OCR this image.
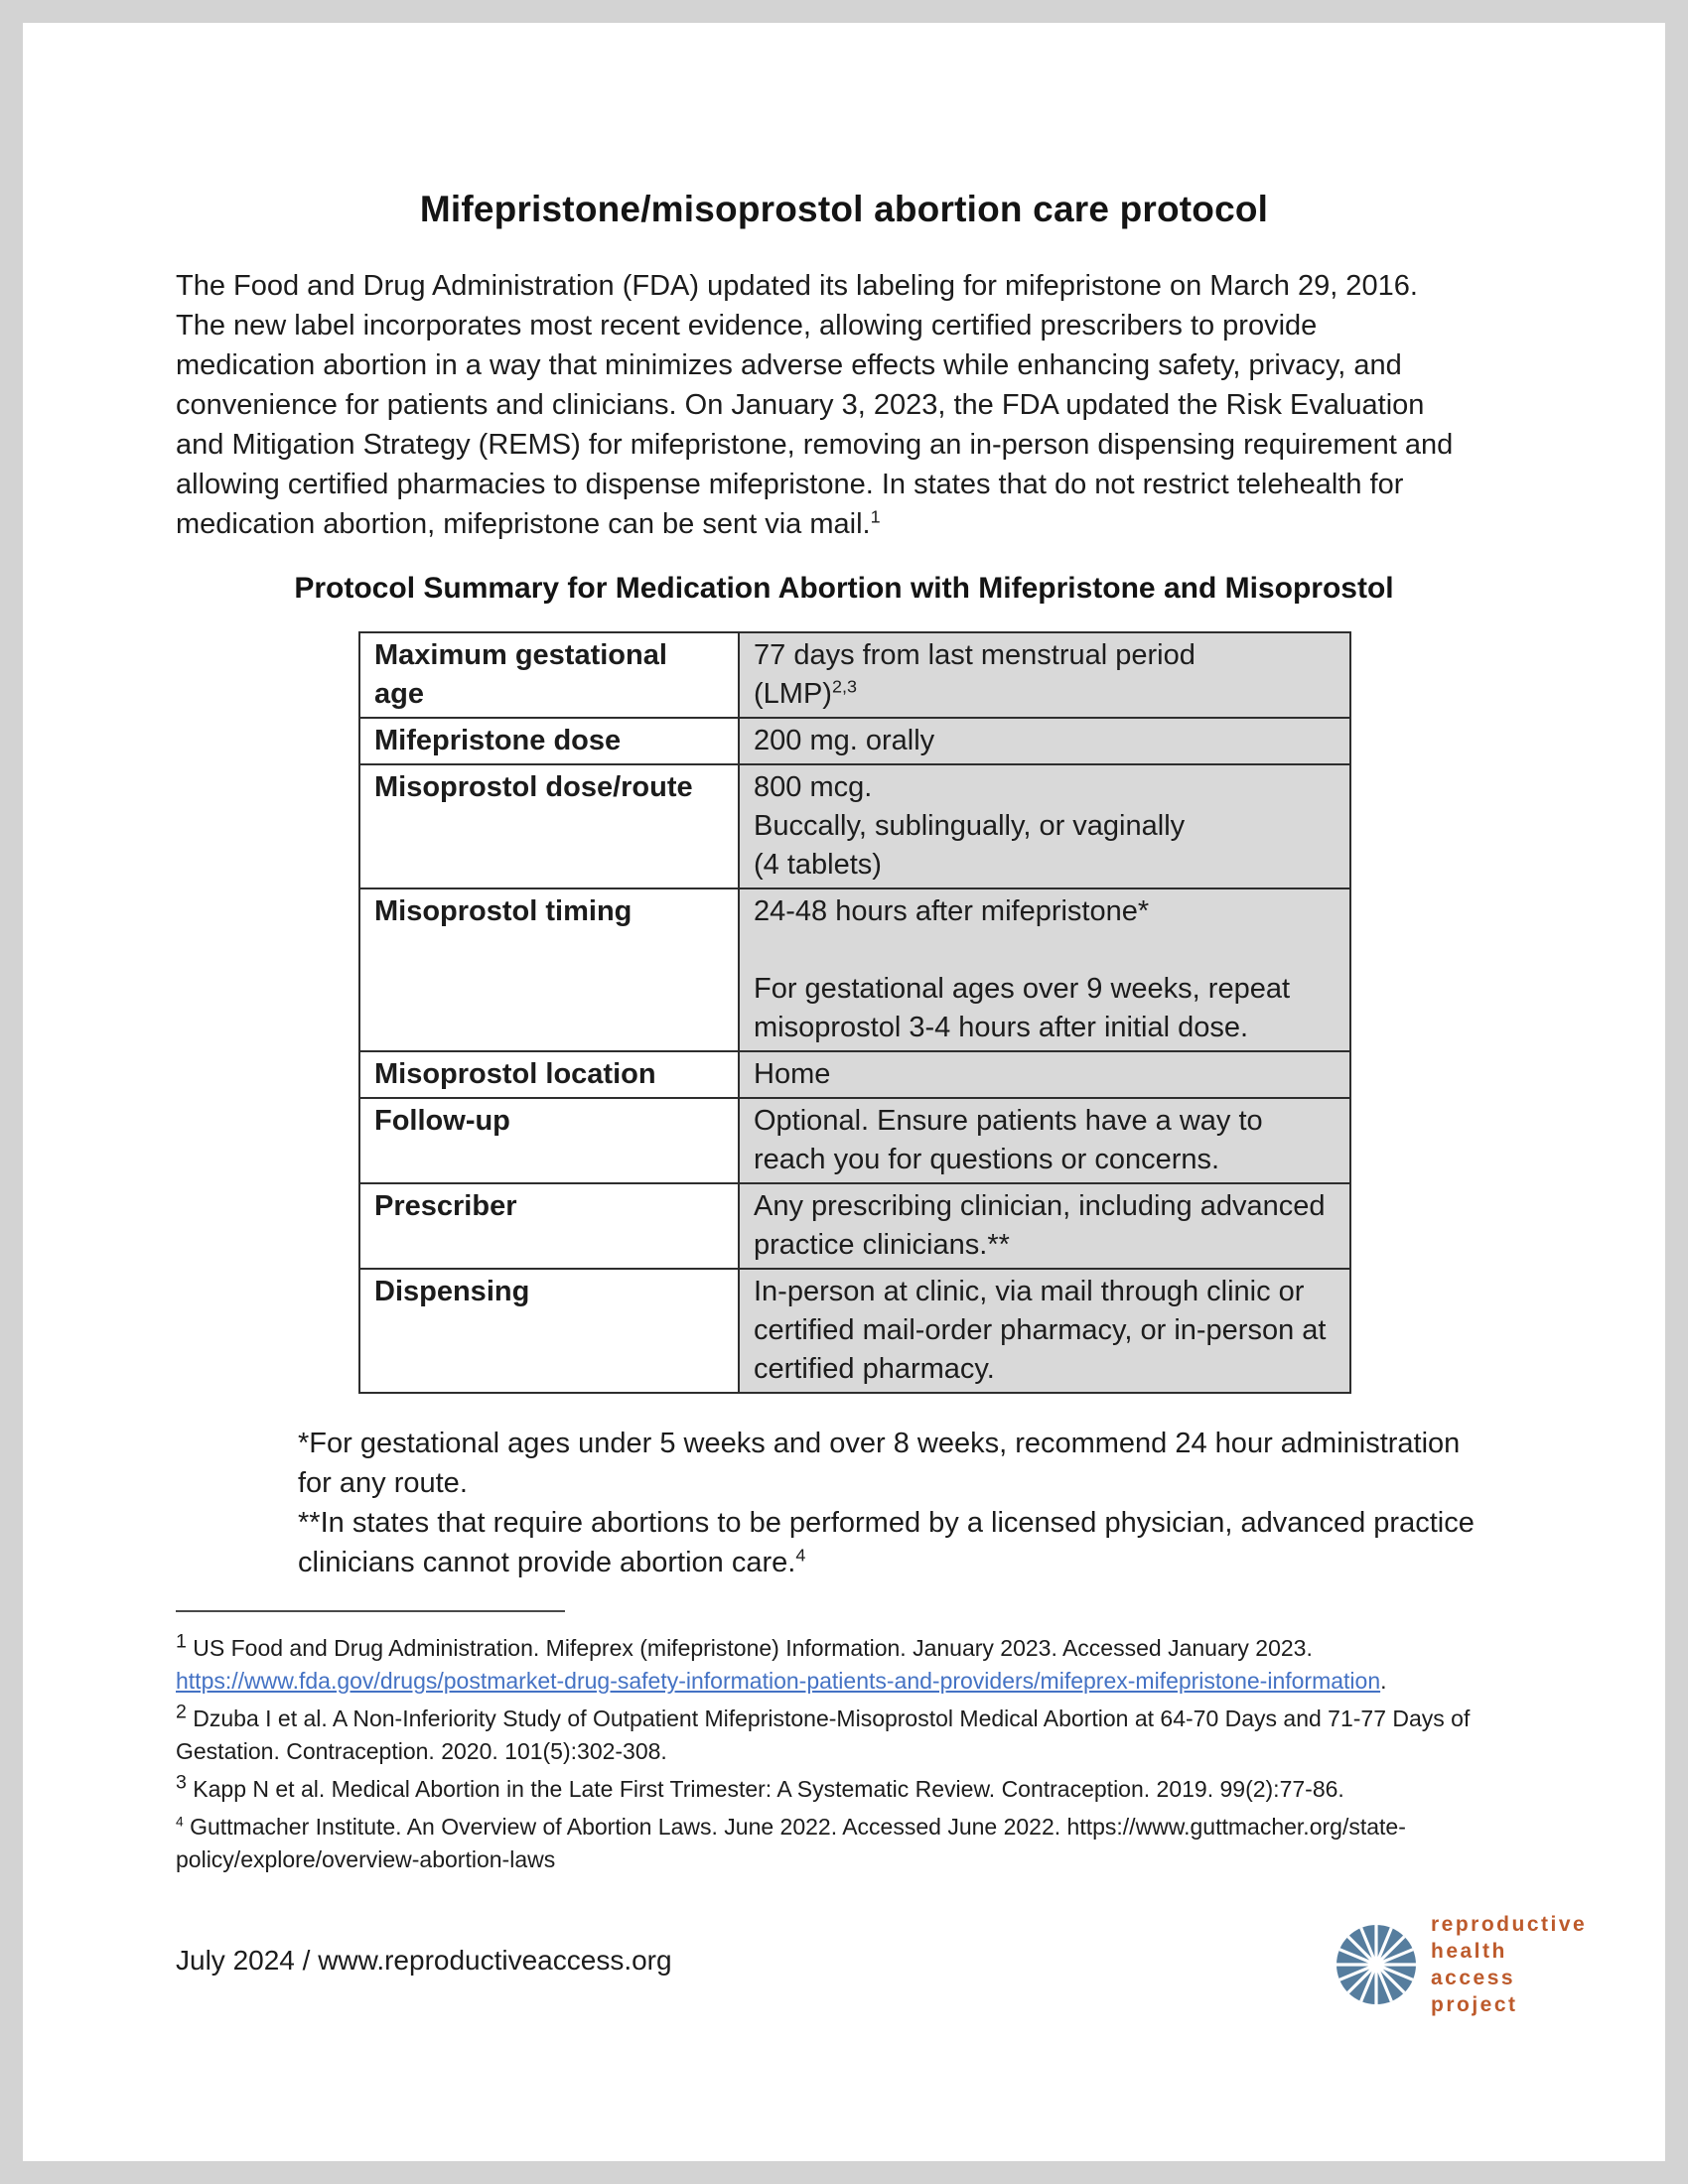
Mifepristone/misoprostol abortion care protocol

The Food and Drug Administration (FDA) updated its labeling for mifepristone on March 29, 2016. The new label incorporates most recent evidence, allowing certified prescribers to provide medication abortion in a way that minimizes adverse effects while enhancing safety, privacy, and convenience for patients and clinicians. On January 3, 2023, the FDA updated the Risk Evaluation and Mitigation Strategy (REMS) for mifepristone, removing an in-person dispensing requirement and allowing certified pharmacies to dispense mifepristone. In states that do not restrict telehealth for medication abortion, mifepristone can be sent via mail.$^1$

Protocol Summary for Medication Abortion with Mifepristone and Misoprostol
Maximum gestational age	77 days from last menstrual period

(LMP)$^{2,3}$

Mifepristone dose	200 mg. orally

Misoprostol dose/route	800 mcg.

Buccally, sublingually, or vaginally

(4 tablets)

Misoprostol timing	24-48 hours after mifepristone*

For gestational ages over 9 weeks, repeat misoprostol 3-4 hours after initial dose.

Misoprostol location	Home

Follow-up	Optional. Ensure patients have a way to reach you for questions or concerns.

Prescriber	Any prescribing clinician, including advanced practice clinicians.**

Dispensing	In-person at clinic, via mail through clinic or certified mail-order pharmacy, or in-person at certified pharmacy.

*For gestational ages under 5 weeks and over 8 weeks, recommend 24 hour administration for any route.

**In states that require abortions to be performed by a licensed physician, advanced practice clinicians cannot provide abortion care.$^4$

$^1$ US Food and Drug Administration. Mifeprex (mifepristone) Information. January 2023. Accessed January 2023. https://www.fda.gov/drugs/postmarket-drug-safety-information-patients-and-providers/mifeprex-mifepristone-information.
$^2$ Dzuba I et al. A Non-Inferiority Study of Outpatient Mifepristone-Misoprostol Medical Abortion at 64-70 Days and 71-77 Days of Gestation. Contraception. 2020. 101(5):302-308.
$^3$ Kapp N et al. Medical Abortion in the Late First Trimester: A Systematic Review. Contraception. 2019. 99(2):77-86.
$^4$ Guttmacher Institute. An Overview of Abortion Laws. June 2022. Accessed June 2022. https://www.guttmacher.org/state-policy/explore/overview-abortion-laws
July 2024 / www.reproductiveaccess.org
reproductive
health
access
project
